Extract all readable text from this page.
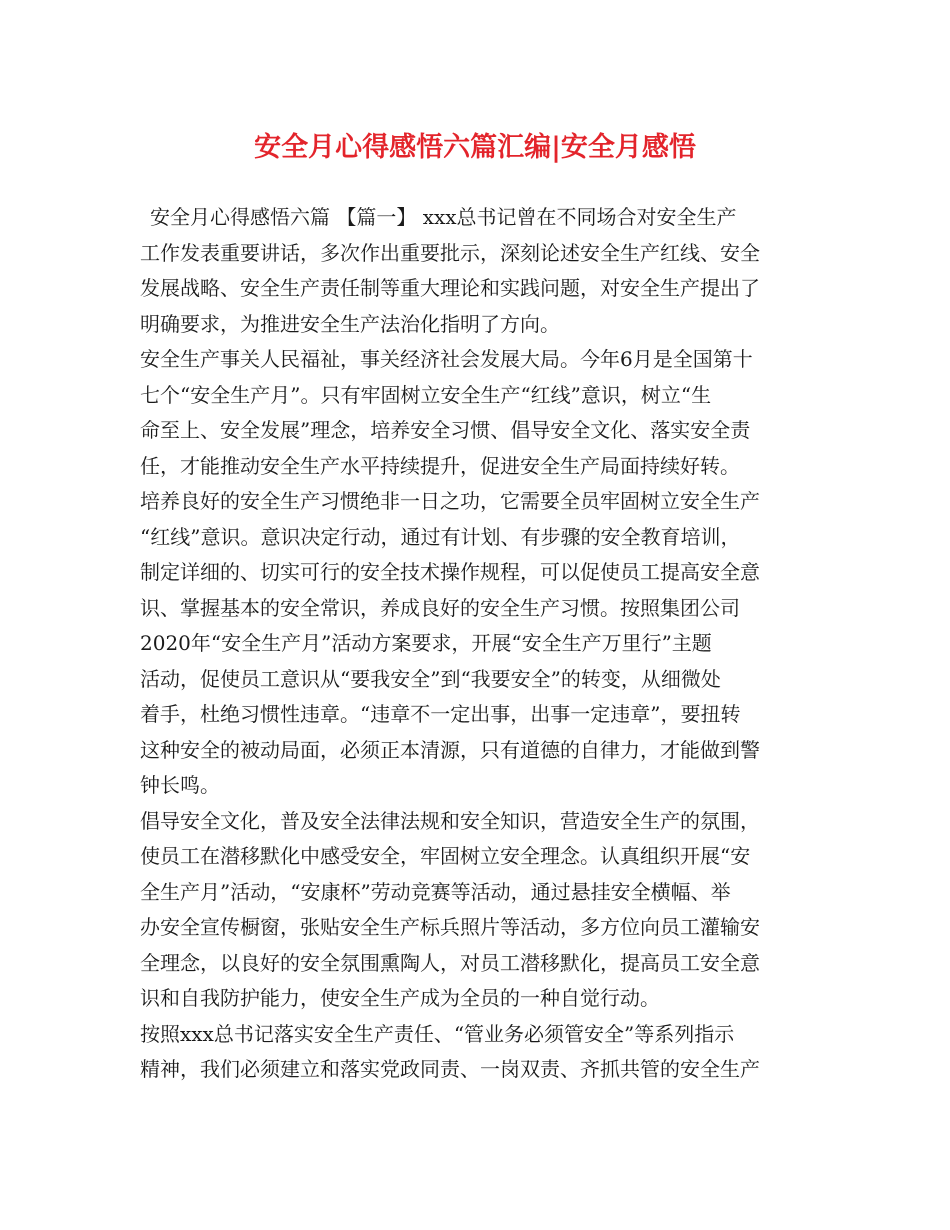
安全月心得感悟六篇汇编|安全月感悟
安全月心得感悟六篇 【篇一】 xxx总书记曾在不同场合对安全生产
工作发表重要讲话，多次作出重要批示，深刻论述安全生产红线、安全
发展战略、安全生产责任制等重大理论和实践问题，对安全生产提出了
明确要求，为推进安全生产法治化指明了方向。
安全生产事关人民福祉，事关经济社会发展大局。今年6月是全国第十
七个“安全生产月”。只有牢固树立安全生产“红线”意识，树立“生
命至上、安全发展”理念，培养安全习惯、倡导安全文化、落实安全责
任，才能推动安全生产水平持续提升，促进安全生产局面持续好转。
培养良好的安全生产习惯绝非一日之功，它需要全员牢固树立安全生产
“红线”意识。意识决定行动，通过有计划、有步骤的安全教育培训，
制定详细的、切实可行的安全技术操作规程，可以促使员工提高安全意
识、掌握基本的安全常识，养成良好的安全生产习惯。按照集团公司
2020年“安全生产月”活动方案要求，开展“安全生产万里行”主题
活动，促使员工意识从“要我安全”到“我要安全”的转变，从细微处
着手，杜绝习惯性违章。“违章不一定出事，出事一定违章”，要扭转
这种安全的被动局面，必须正本清源，只有道德的自律力，才能做到警
钟长鸣。
倡导安全文化，普及安全法律法规和安全知识，营造安全生产的氛围，
使员工在潜移默化中感受安全，牢固树立安全理念。认真组织开展“安
全生产月”活动，“安康杯”劳动竞赛等活动，通过悬挂安全横幅、举
办安全宣传橱窗，张贴安全生产标兵照片等活动，多方位向员工灌输安
全理念，以良好的安全氛围熏陶人，对员工潜移默化，提高员工安全意
识和自我防护能力，使安全生产成为全员的一种自觉行动。
按照xxx总书记落实安全生产责任、“管业务必须管安全”等系列指示
精神，我们必须建立和落实党政同责、一岗双责、齐抓共管的安全生产
